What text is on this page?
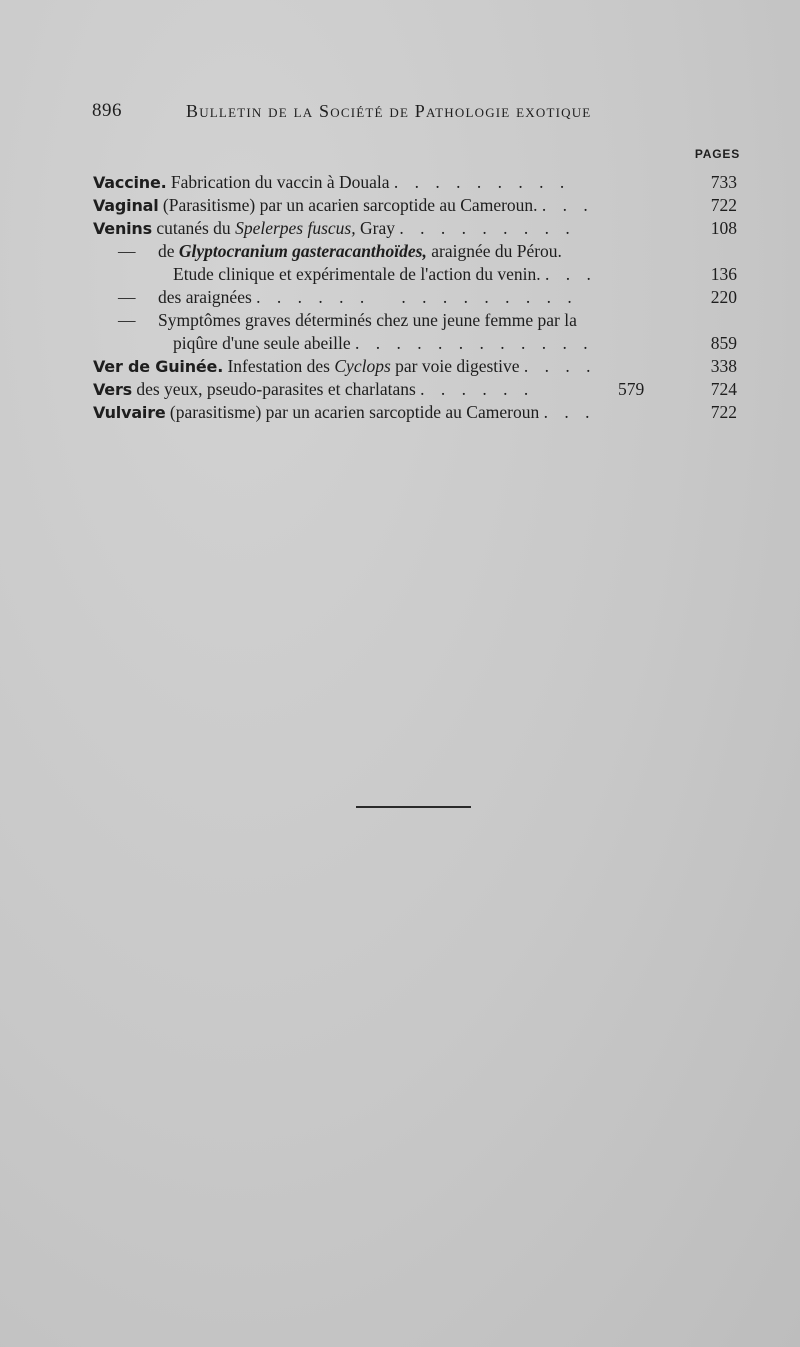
896	Bulletin de la Société de Pathologie exotique
PAGES
Vaccine. Fabrication du vaccin à Douala . . . . . . . . .	733
Vaginal (Parasitisme) par un acarien sarcoptide au Cameroun. . . .	722
Venins cutanés du Spelerpes fuscus, Gray . . . . . . . . .	108
— de Glyptocranium gasteracanthoïdes, araignée du Pérou.
Etude clinique et expérimentale de l'action du venin. . . .	136
— des araignées . . . . . .   . . . . . . . . .	220
— Symptômes graves déterminés chez une jeune femme par la
piqûre d'une seule abeille . . . . . . . . . . . .	859
Ver de Guinée. Infestation des Cyclops par voie digestive . . . .	338
Vers des yeux, pseudo-parasites et charlatans . . . . . .	579	724
Vulvaire (parasitisme) par un acarien sarcoptide au Cameroun . . .	722
